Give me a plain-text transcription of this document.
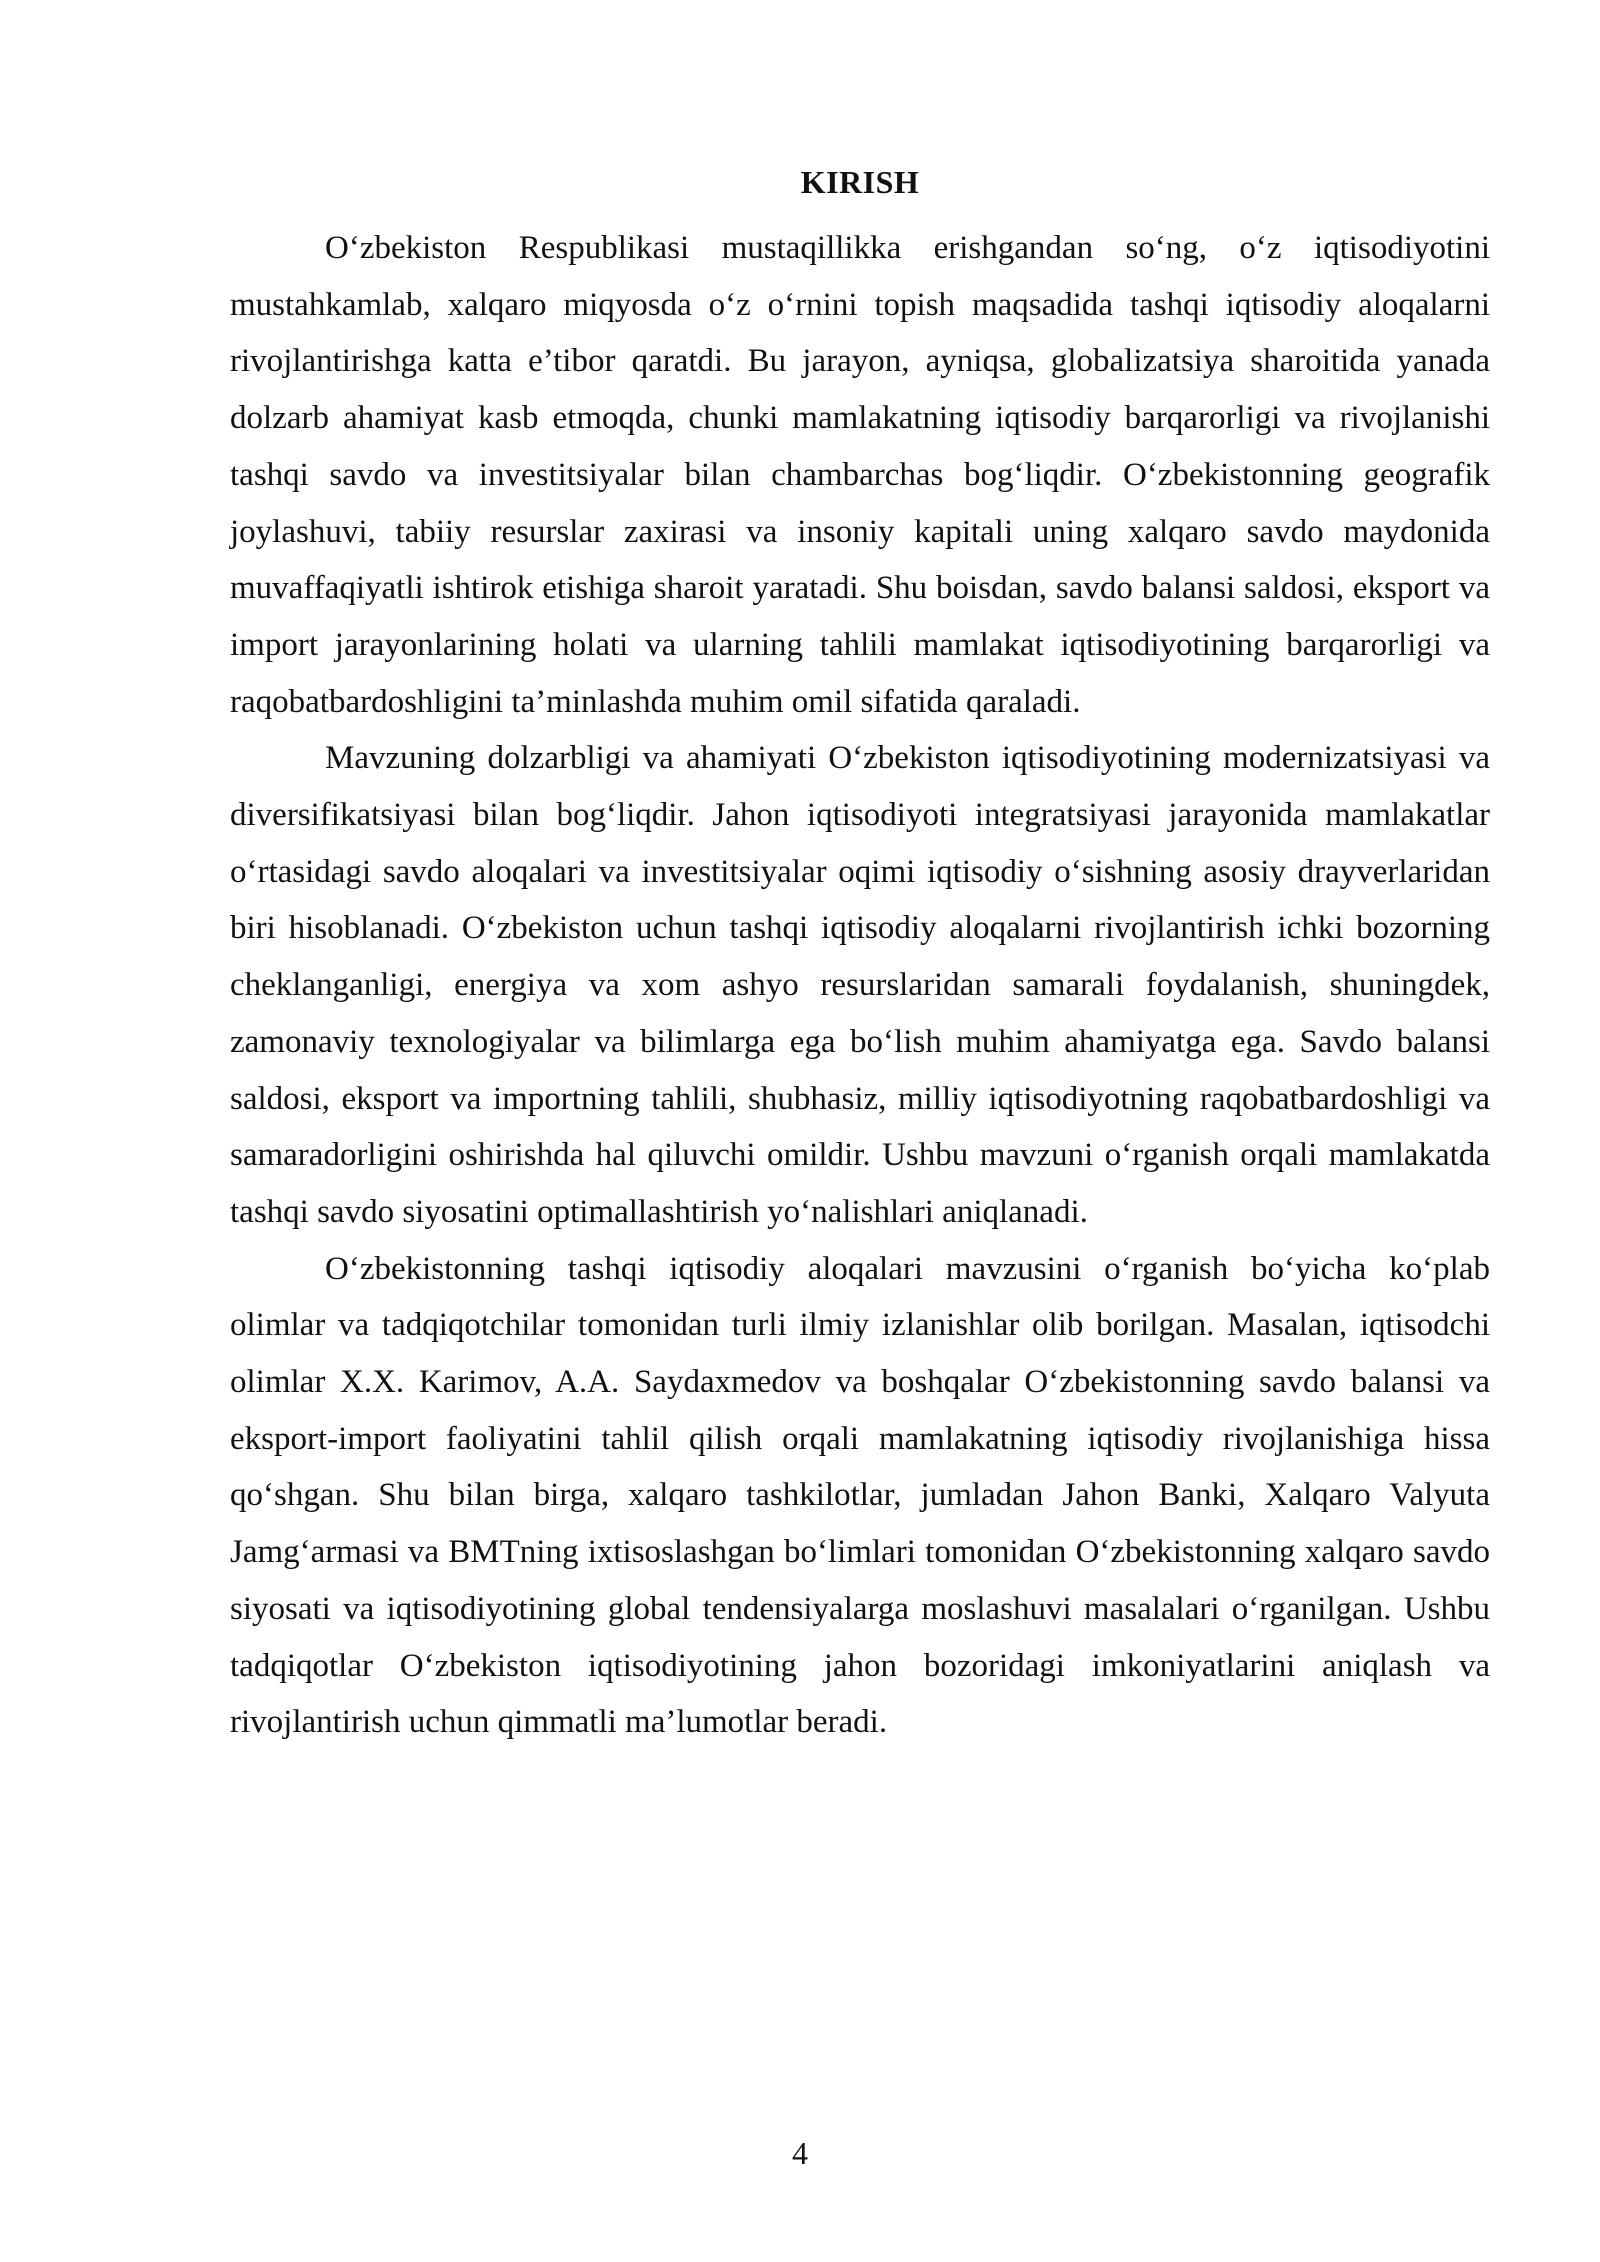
KIRISH

O‘zbekiston Respublikasi mustaqillikka erishgandan so‘ng, o‘z iqtisodiyotini mustahkamlab, xalqaro miqyosda o‘z o‘rnini topish maqsadida tashqi iqtisodiy aloqalarni rivojlantirishga katta e’tibor qaratdi. Bu jarayon, ayniqsa, globalizatsiya sharoitida yanada dolzarb ahamiyat kasb etmoqda, chunki mamlakatning iqtisodiy barqarorligi va rivojlanishi tashqi savdo va investitsiyalar bilan chambarchas bog‘liqdir. O‘zbekistonning geografik joylashuvi, tabiiy resurslar zaxirasi va insoniy kapitali uning xalqaro savdo maydonida muvaffaqiyatli ishtirok etishiga sharoit yaratadi. Shu boisdan, savdo balansi saldosi, eksport va import jarayonlarining holati va ularning tahlili mamlakat iqtisodiyotining barqarorligi va raqobatbardoshligini ta’minlashda muhim omil sifatida qaraladi.

Mavzuning dolzarbligi va ahamiyati O‘zbekiston iqtisodiyotining modernizatsiyasi va diversifikatsiyasi bilan bog‘liqdir. Jahon iqtisodiyoti integratsiyasi jarayonida mamlakatlar o‘rtasidagi savdo aloqalari va investitsiyalar oqimi iqtisodiy o‘sishning asosiy drayverlaridan biri hisoblanadi. O‘zbekiston uchun tashqi iqtisodiy aloqalarni rivojlantirish ichki bozorning cheklanganligi, energiya va xom ashyo resurslaridan samarali foydalanish, shuningdek, zamonaviy texnologiyalar va bilimlarga ega bo‘lish muhim ahamiyatga ega. Savdo balansi saldosi, eksport va importning tahlili, shubhasiz, milliy iqtisodiyotning raqobatbardoshligi va samaradorligini oshirishda hal qiluvchi omildir. Ushbu mavzuni o‘rganish orqali mamlakatda tashqi savdo siyosatini optimallashtirish yo‘nalishlari aniqlanadi.

O‘zbekistonning tashqi iqtisodiy aloqalari mavzusini o‘rganish bo‘yicha ko‘plab olimlar va tadqiqotchilar tomonidan turli ilmiy izlanishlar olib borilgan. Masalan, iqtisodchi olimlar X.X. Karimov, A.A. Saydaxmedov va boshqalar O‘zbekistonning savdo balansi va eksport-import faoliyatini tahlil qilish orqali mamlakatning iqtisodiy rivojlanishiga hissa qo‘shgan. Shu bilan birga, xalqaro tashkilotlar, jumladan Jahon Banki, Xalqaro Valyuta Jamg‘armasi va BMTning ixtisoslashgan bo‘limlari tomonidan O‘zbekistonning xalqaro savdo siyosati va iqtisodiyotining global tendensiyalarga moslashuvi masalalari o‘rganilgan. Ushbu tadqiqotlar O‘zbekiston iqtisodiyotining jahon bozoridagi imkoniyatlarini aniqlash va rivojlantirish uchun qimmatli ma’lumotlar beradi.

4
